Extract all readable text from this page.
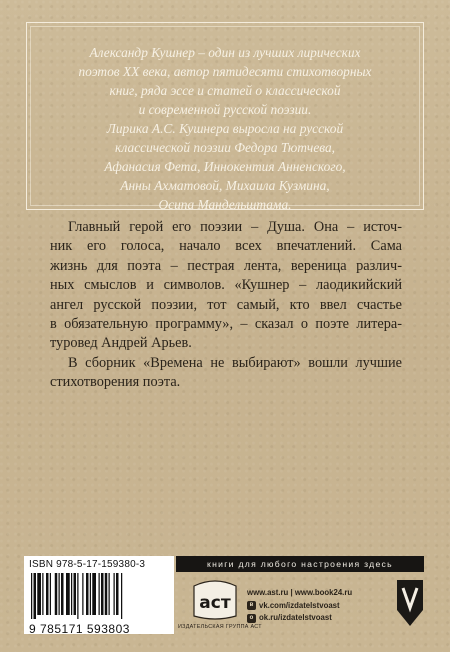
Александр Кушнер – один из лучших лирических
поэтов XX века, автор пятидесяти стихотворных
книг, ряда эссе и статей о классической
и современной русской поэзии.
Лирика А.С. Кушнера выросла на русской
классической поэзии Федора Тютчева,
Афанасия Фета, Иннокентия Анненского,
Анны Ахматовой, Михаила Кузмина,
Осипа Мандельштама.
Главный герой его поэзии – Душа. Она – источ-
ник его голоса, начало всех впечатлений. Сама
жизнь для поэта – пестрая лента, вереница различ-
ных смыслов и символов. «Кушнер – лаодикийский
ангел русской поэзии, тот самый, кто ввел счастье
в обязательную программу», – сказал о поэте литера-
туровед Андрей Арьев.
В сборник «Времена не выбирают» вошли лучшие
стихотворения поэта.
ISBN 978-5-17-159380-3
9 785171 593803
книги для любого настроения здесь
аст
ИЗДАТЕЛЬСКАЯ ГРУППА АСТ
www.ast.ru | www.book24.ru
в vk.com/izdatelstvoast
о ok.ru/izdatelstvoast
